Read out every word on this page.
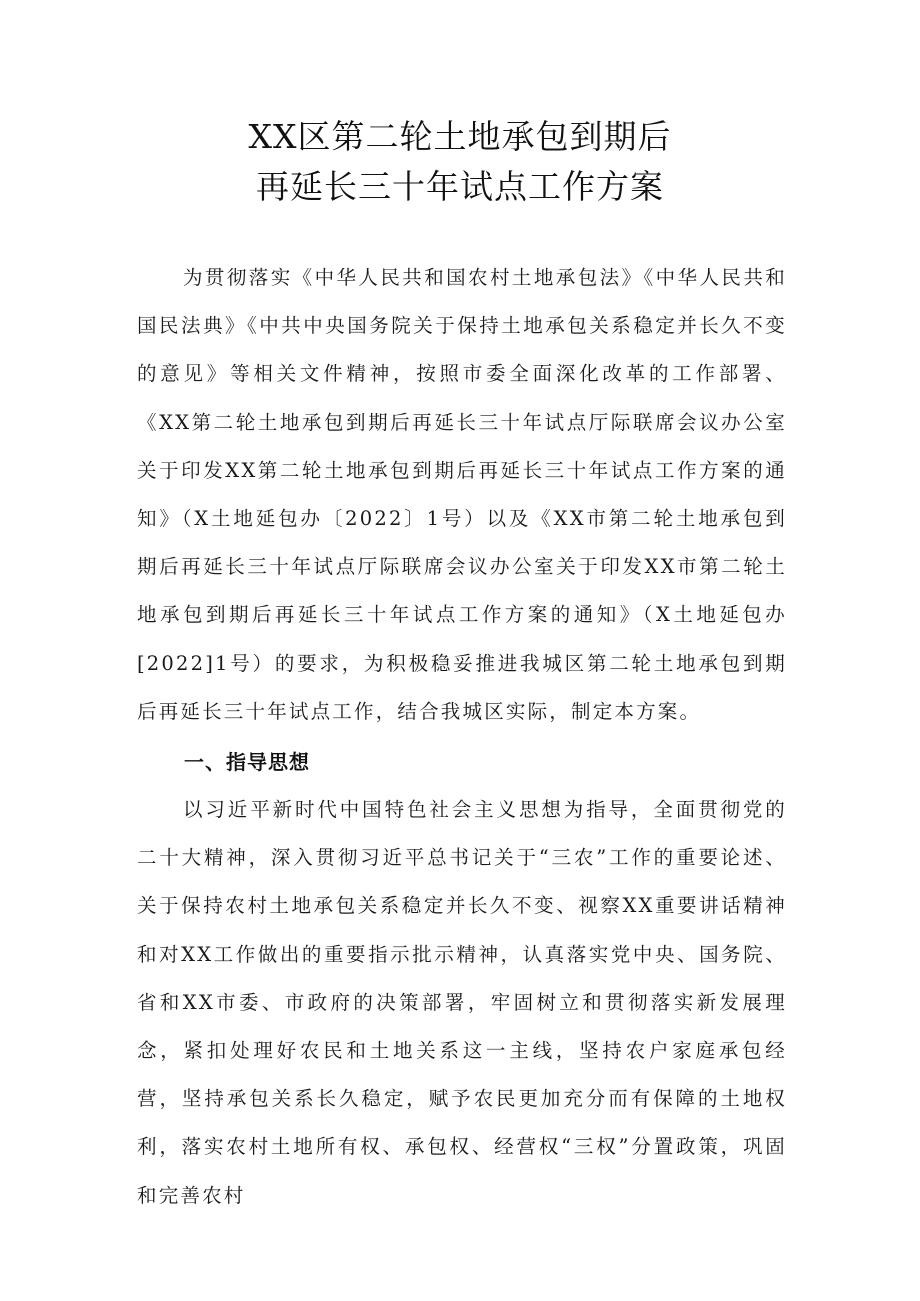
XX区第二轮土地承包到期后

再延长三十年试点工作方案

为贯彻落实《中华人民共和国农村土地承包法》《中华人民共和国民法典》《中共中央国务院关于保持土地承包关系稳定并长久不变的意见》等相关文件精神，按照市委全面深化改革的工作部署、《XX第二轮土地承包到期后再延长三十年试点厅际联席会议办公室关于印发XX第二轮土地承包到期后再延长三十年试点工作方案的通知》（X土地延包办〔2022〕1号）以及《XX市第二轮土地承包到期后再延长三十年试点厅际联席会议办公室关于印发XX市第二轮土地承包到期后再延长三十年试点工作方案的通知》（X土地延包办[2022]1号）的要求，为积极稳妥推进我城区第二轮土地承包到期后再延长三十年试点工作，结合我城区实际，制定本方案。

一、指导思想

以习近平新时代中国特色社会主义思想为指导，全面贯彻党的二十大精神，深入贯彻习近平总书记关于“三农”工作的重要论述、关于保持农村土地承包关系稳定并长久不变、视察XX重要讲话精神和对XX工作做出的重要指示批示精神，认真落实党中央、国务院、省和XX市委、市政府的决策部署，牢固树立和贯彻落实新发展理念，紧扣处理好农民和土地关系这一主线，坚持农户家庭承包经营，坚持承包关系长久稳定，赋予农民更加充分而有保障的土地权利，落实农村土地所有权、承包权、经营权“三权”分置政策，巩固和完善农村
